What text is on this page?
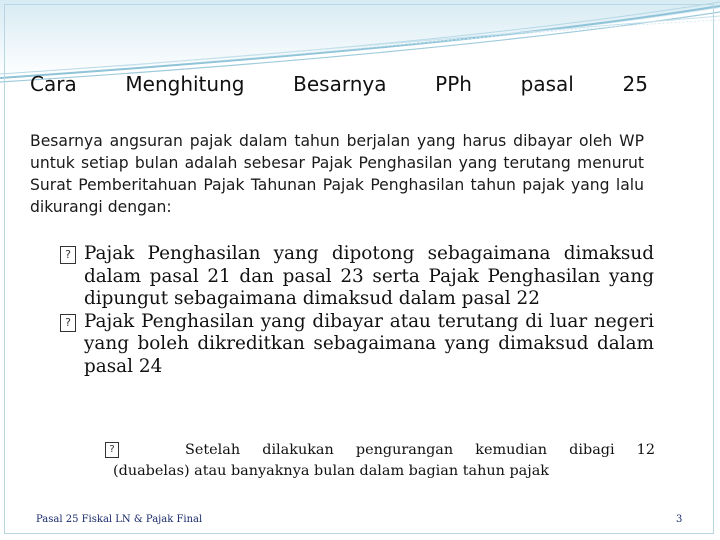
Cara Menghitung Besarnya PPh pasal 25
Besarnya angsuran pajak dalam tahun berjalan yang harus dibayar oleh WP untuk setiap bulan adalah sebesar Pajak Penghasilan yang terutang menurut Surat Pemberitahuan Pajak Tahunan Pajak Penghasilan tahun pajak yang lalu dikurangi dengan:

? Pajak Penghasilan yang dipotong sebagaimana dimaksud dalam pasal 21 dan pasal 23 serta Pajak Penghasilan yang dipungut sebagaimana dimaksud dalam pasal 22

? Pajak Penghasilan yang dibayar atau terutang di luar negeri yang boleh dikreditkan sebagaimana yang dimaksud dalam pasal 24

?	Setelah dilakukan pengurangan kemudian dibagi 12
(duabelas) atau banyaknya bulan dalam bagian tahun pajak
Pasal 25 Fiskal LN & Pajak Final	3
